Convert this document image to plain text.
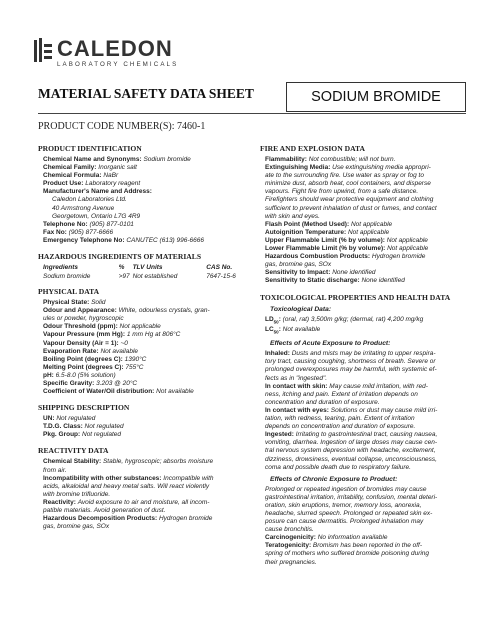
CALEDON
LABORATORY CHEMICALS
MATERIAL SAFETY DATA SHEET	SODIUM BROMIDE
PRODUCT CODE NUMBER(S): 7460-1
PRODUCT IDENTIFICATION
Chemical Name and Synonyms: Sodium bromide
Chemical Family: Inorganic salt
Chemical Formula: NaBr
Product Use: Laboratory reagent
Manufacturer's Name and Address:
Caledon Laboratories Ltd.
40 Armstrong Avenue
Georgetown, Ontario L7G 4R9
Telephone No: (905) 877-0101
Fax No: (905) 877-6666
Emergency Telephone No: CANUTEC (613) 996-6666
HAZARDOUS INGREDIENTS OF MATERIALS
Ingredients	%	TLV Units	CAS No.
Sodium bromide	>97 Not established	7647-15-6
PHYSICAL DATA
Physical State: Solid
Odour and Appearance: White, odourless crystals, gran-
ules or powder, hygroscopic
Odour Threshold (ppm): Not applicable
Vapour Pressure (mm Hg): 1 mm Hg at 806°C
Vapour Density (Air = 1): ~0
Evaporation Rate: Not available
Boiling Point (degrees C): 1390°C
Melting Point (degrees C): 755°C
pH: 6.5-8.0 (5% solution)
Specific Gravity: 3.203 @ 20°C
Coefficient of Water/Oil distribution: Not available
SHIPPING DESCRIPTION
UN: Not regulated
T.D.G. Class: Not regulated
Pkg. Group: Not regulated
REACTIVITY DATA
Chemical Stability: Stable, hygroscopic; absorbs moisture
from air.
Incompatibility with other substances: Incompatible with
acids, alkaloidal and heavy metal salts. Will react violently
with bromine trifluoride.
Reactivity: Avoid exposure to air and moisture, all incom-
patible materials. Avoid generation of dust.
Hazardous Decomposition Products: Hydrogen bromide
gas, bromine gas, SOx
FIRE AND EXPLOSION DATA
Flammability: Not combustible; will not burn.
Extinguishing Media: Use extinguishing media appropri-
ate to the surrounding fire. Use water as spray or fog to
minimize dust, absorb heat, cool containers, and disperse
vapours. Fight fire from upwind, from a safe distance.
Firefighters should wear protective equipment and clothing
sufficient to prevent inhalation of dust or fumes, and contact
with skin and eyes.
Flash Point (Method Used): Not applicable
Autoignition Temperature: Not applicable
Upper Flammable Limit (% by volume): Not applicable
Lower Flammable Limit (% by volume): Not applicable
Hazardous Combustion Products: Hydrogen bromide
gas, bromine gas, SOx
Sensitivity to Impact: None identified
Sensitivity to Static discharge: None identified
TOXICOLOGICAL PROPERTIES AND HEALTH DATA
Toxicological Data:
$LD_{50}$: (oral, rat) 3,500m g/kg; (dermal, rat) 4,200 mg/kg
$LC_{50}$: Not available
Effects of Acute Exposure to Product:
Inhaled: Dusts and mists may be irritating to upper respira-
tory tract, causing coughing, shortness of breath. Severe or
prolonged overexposures may be harmful, with systemic ef-
fects as in "ingested".
In contact with skin: May cause mild irritation, with red-
ness, itching and pain. Extent of irritation depends on
concentration and duration of exposure.
In contact with eyes: Solutions or dust may cause mild irri-
tation, with redness, tearing, pain. Extent of irritation
depends on concentration and duration of exposure.
Ingested: Irritating to gastrointestinal tract, causing nausea,
vomiting, diarrhea. Ingestion of large doses may cause cen-
tral nervous system depression with headache, excitement,
dizziness, drowsiness, eventual collapse, unconsciousness,
coma and possible death due to respiratory failure.
Effects of Chronic Exposure to Product:
Prolonged or repeated ingestion of bromides may cause
gastrointestinal irritation, irritability, confusion, mental deteri-
oration, skin eruptions, tremor, memory loss, anorexia,
headache, slurred speech. Prolonged or repeated skin ex-
posure can cause dermatitis. Prolonged inhalation may
cause bronchitis.
Carcinogenicity: No information available
Teratogenicity: Bromism has been reported in the off-
spring of mothers who suffered bromide poisoning during
their pregnancies.
